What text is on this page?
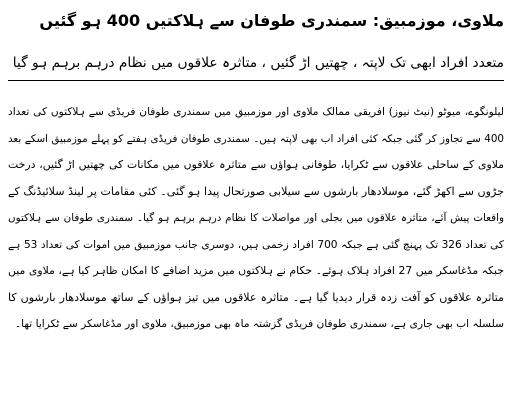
ملاوی، موزمبیق: سمندری طوفان سے ہلاکتیں 400 ہو گئیں
متعدد افراد ابھی تک لاپتہ ، چھتیں اڑ گئیں ، متاثرہ علاقوں میں نظام درہم برہم ہو گیا
لیلونگوے، میوٹو (نیٹ نیوز) افریقی ممالک ملاوی اور موزمبیق میں سمندری طوفان فریڈی سے ہلاکتوں کی تعداد
400 سے تجاوز کر گئی جبکہ کئی افراد اب بھی لاپتہ ہیں۔ سمندری طوفان فریڈی ہفتے کو پہلے موزمبیق اسکے بعد
ملاوی کے ساحلی علاقوں سے ٹکرایا، طوفانی ہواؤں سے متاثرہ علاقوں میں مکانات کی چھتیں اڑ گئیں، درخت
جڑوں سے اکھڑ گئے، موسلادھار بارشوں سے سیلابی صورتحال پیدا ہو گئی۔ کئی مقامات پر لینڈ سلائیڈنگ کے
واقعات پیش آئے، متاثرہ علاقوں میں بجلی اور مواصلات کا نظام درہم برہم ہو گیا۔ سمندری طوفان سے ہلاکتوں
کی تعداد 326 تک پہنچ گئی ہے جبکہ 700 افراد زخمی ہیں، دوسری جانب موزمبیق میں اموات کی تعداد 53 ہے
جبکہ مڈغاسکر میں 27 افراد ہلاک ہوئے۔ حکام نے ہلاکتوں میں مزید اضافے کا امکان ظاہر کیا ہے، ملاوی میں
متاثرہ علاقوں کو آفت زدہ قرار دیدیا گیا ہے۔ متاثرہ علاقوں میں تیز ہواؤں کے ساتھ موسلادھار بارشوں کا
سلسلہ اب بھی جاری ہے، سمندری طوفان فریڈی گزشتہ ماہ بھی موزمبیق، ملاوی اور مڈغاسکر سے ٹکرایا تھا۔
